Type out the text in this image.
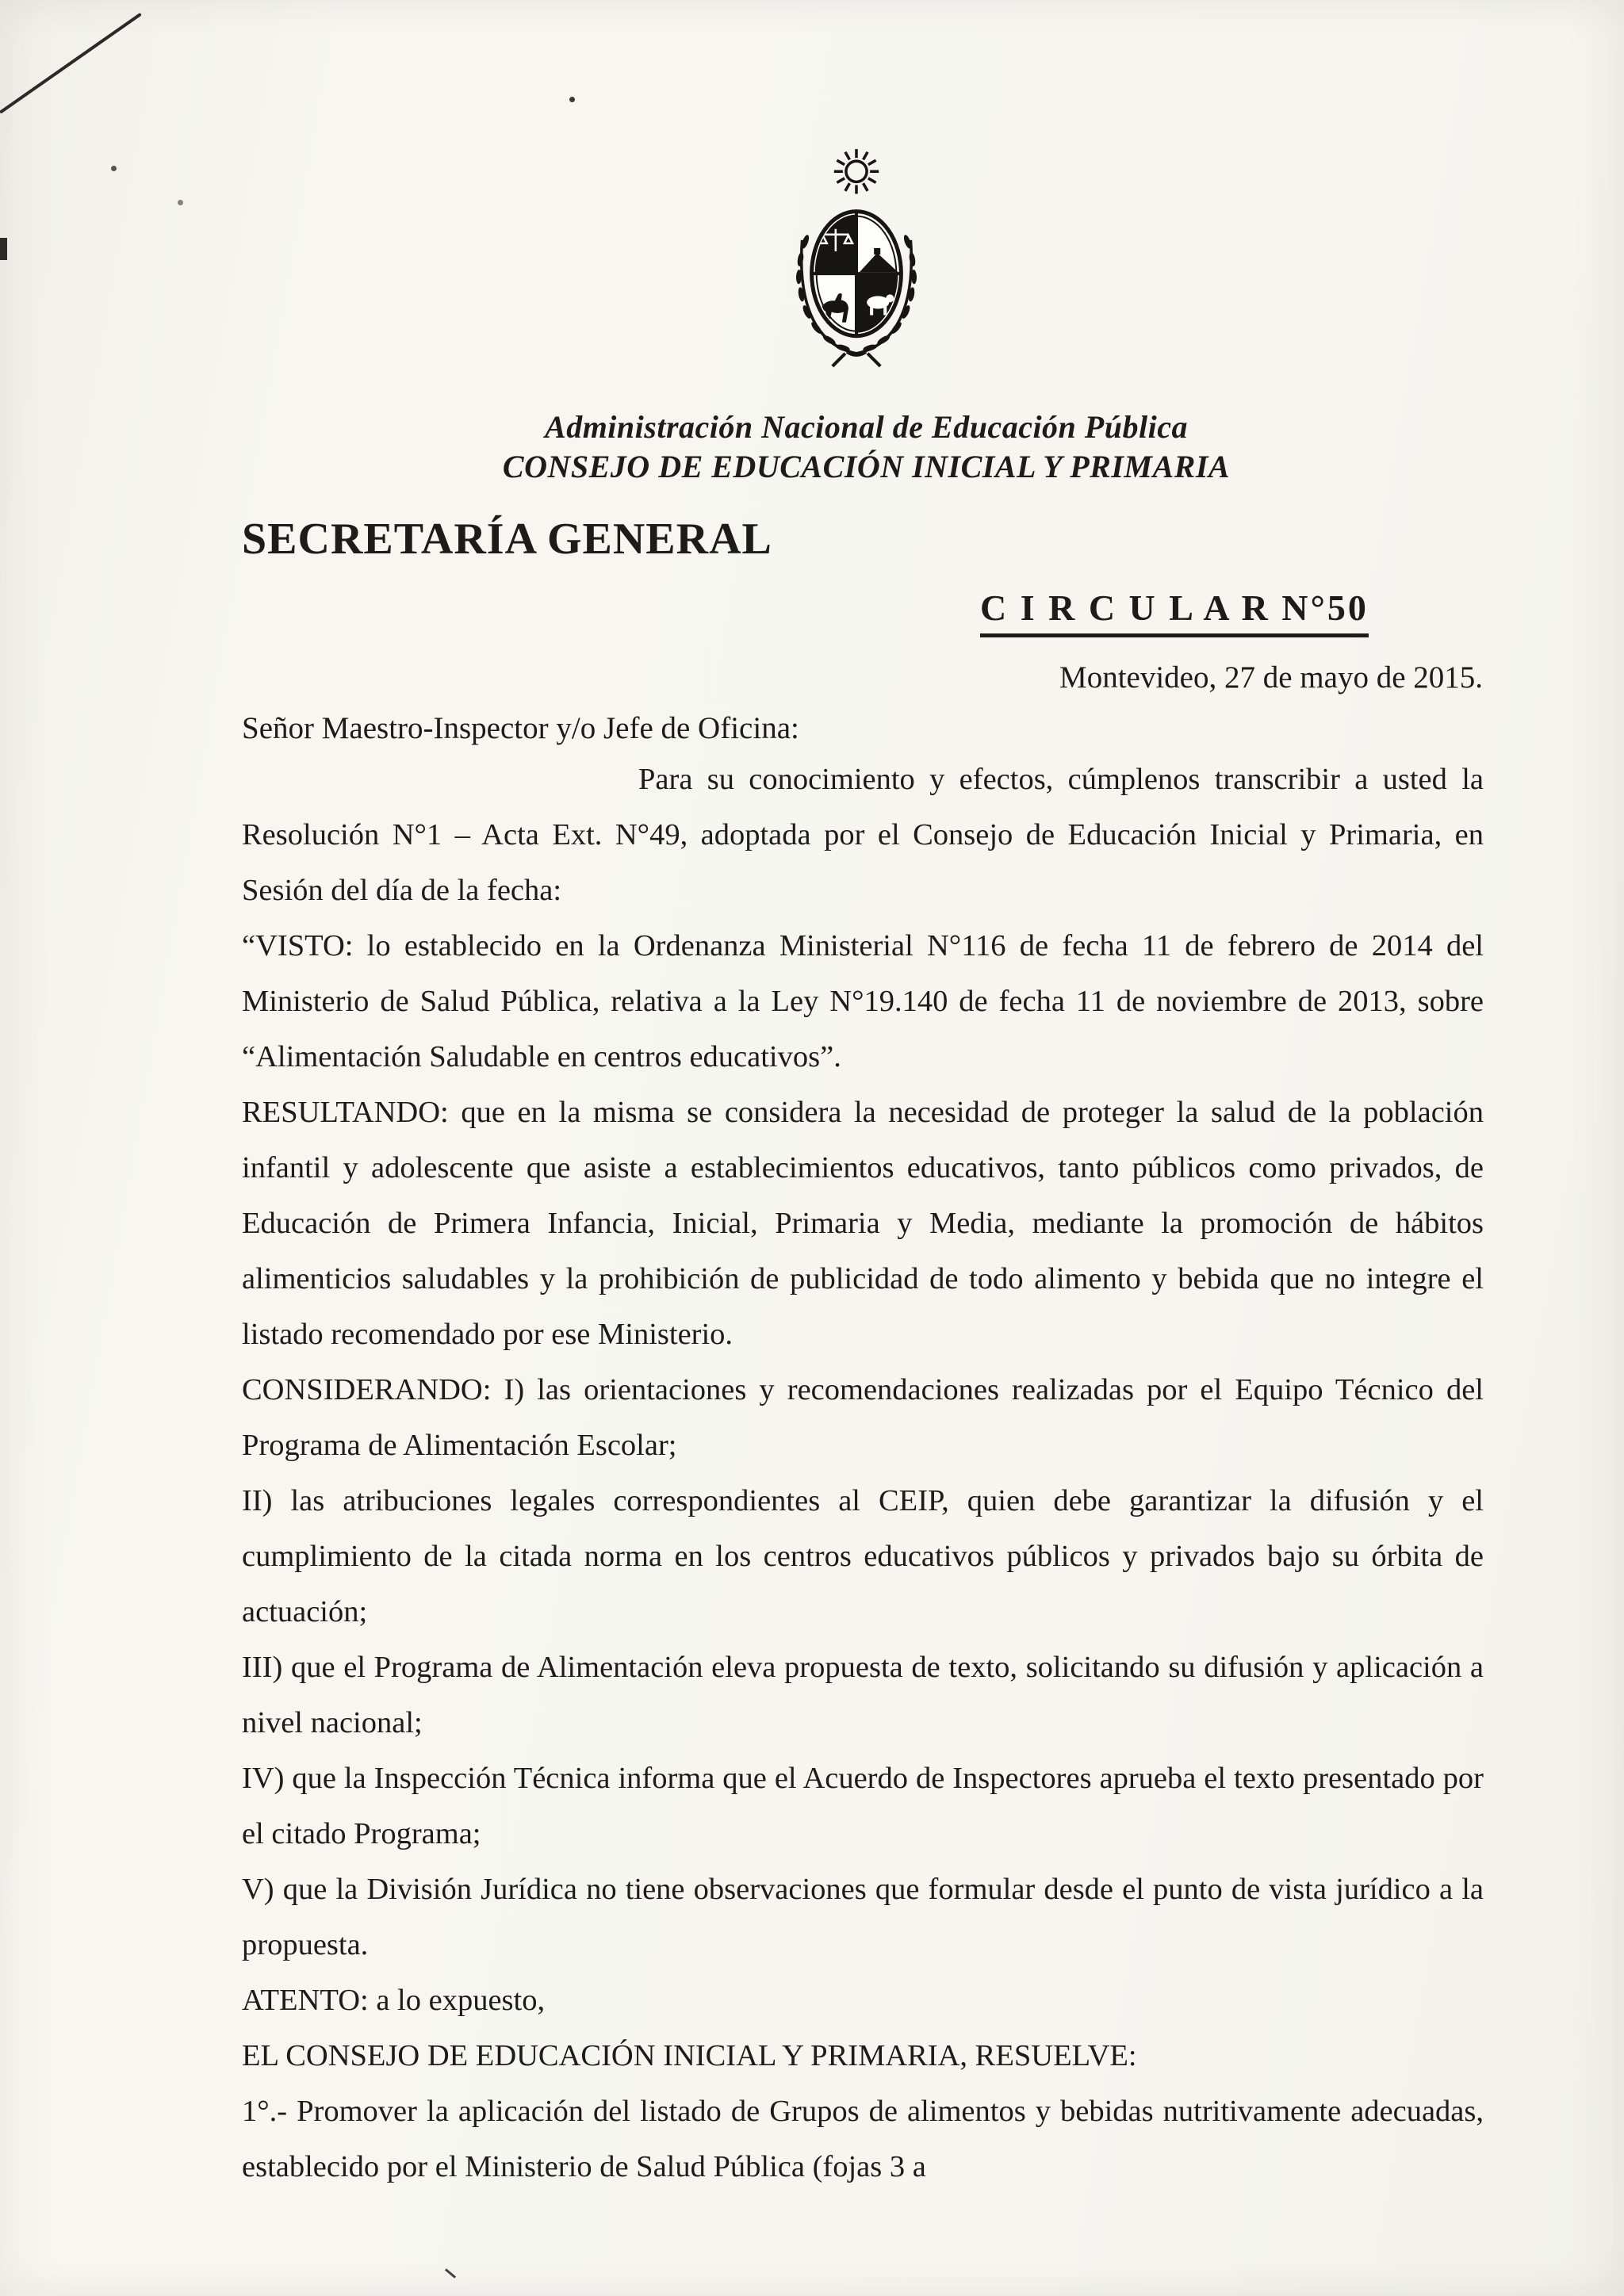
Administración Nacional de Educación Pública
CONSEJO DE EDUCACIÓN INICIAL Y PRIMARIA
SECRETARÍA GENERAL
C I R C U L A R N°50
Montevideo, 27 de mayo de 2015.
Señor Maestro-Inspector y/o Jefe de Oficina:

Para su conocimiento y efectos, cúmplenos transcribir a usted la Resolución N°1 – Acta Ext. N°49, adoptada por el Consejo de Educación Inicial y Primaria, en Sesión del día de la fecha:

“VISTO: lo establecido en la Ordenanza Ministerial N°116 de fecha 11 de febrero de 2014 del Ministerio de Salud Pública, relativa a la Ley N°19.140 de fecha 11 de noviembre de 2013, sobre “Alimentación Saludable en centros educativos”.

RESULTANDO: que en la misma se considera la necesidad de proteger la salud de la población infantil y adolescente que asiste a establecimientos educativos, tanto públicos como privados, de Educación de Primera Infancia, Inicial, Primaria y Media, mediante la promoción de hábitos alimenticios saludables y la prohibición de publicidad de todo alimento y bebida que no integre el listado recomendado por ese Ministerio.

CONSIDERANDO: I) las orientaciones y recomendaciones realizadas por el Equipo Técnico del Programa de Alimentación Escolar;

II) las atribuciones legales correspondientes al CEIP, quien debe garantizar la difusión y el cumplimiento de la citada norma en los centros educativos públicos y privados bajo su órbita de actuación;

III) que el Programa de Alimentación eleva propuesta de texto, solicitando su difusión y aplicación a nivel nacional;

IV) que la Inspección Técnica informa que el Acuerdo de Inspectores aprueba el texto presentado por el citado Programa;

V) que la División Jurídica no tiene observaciones que formular desde el punto de vista jurídico a la propuesta.

ATENTO: a lo expuesto,

EL CONSEJO DE EDUCACIÓN INICIAL Y PRIMARIA, RESUELVE:

1°.- Promover la aplicación del listado de Grupos de alimentos y bebidas nutritivamente adecuadas, establecido por el Ministerio de Salud Pública (fojas 3 a
